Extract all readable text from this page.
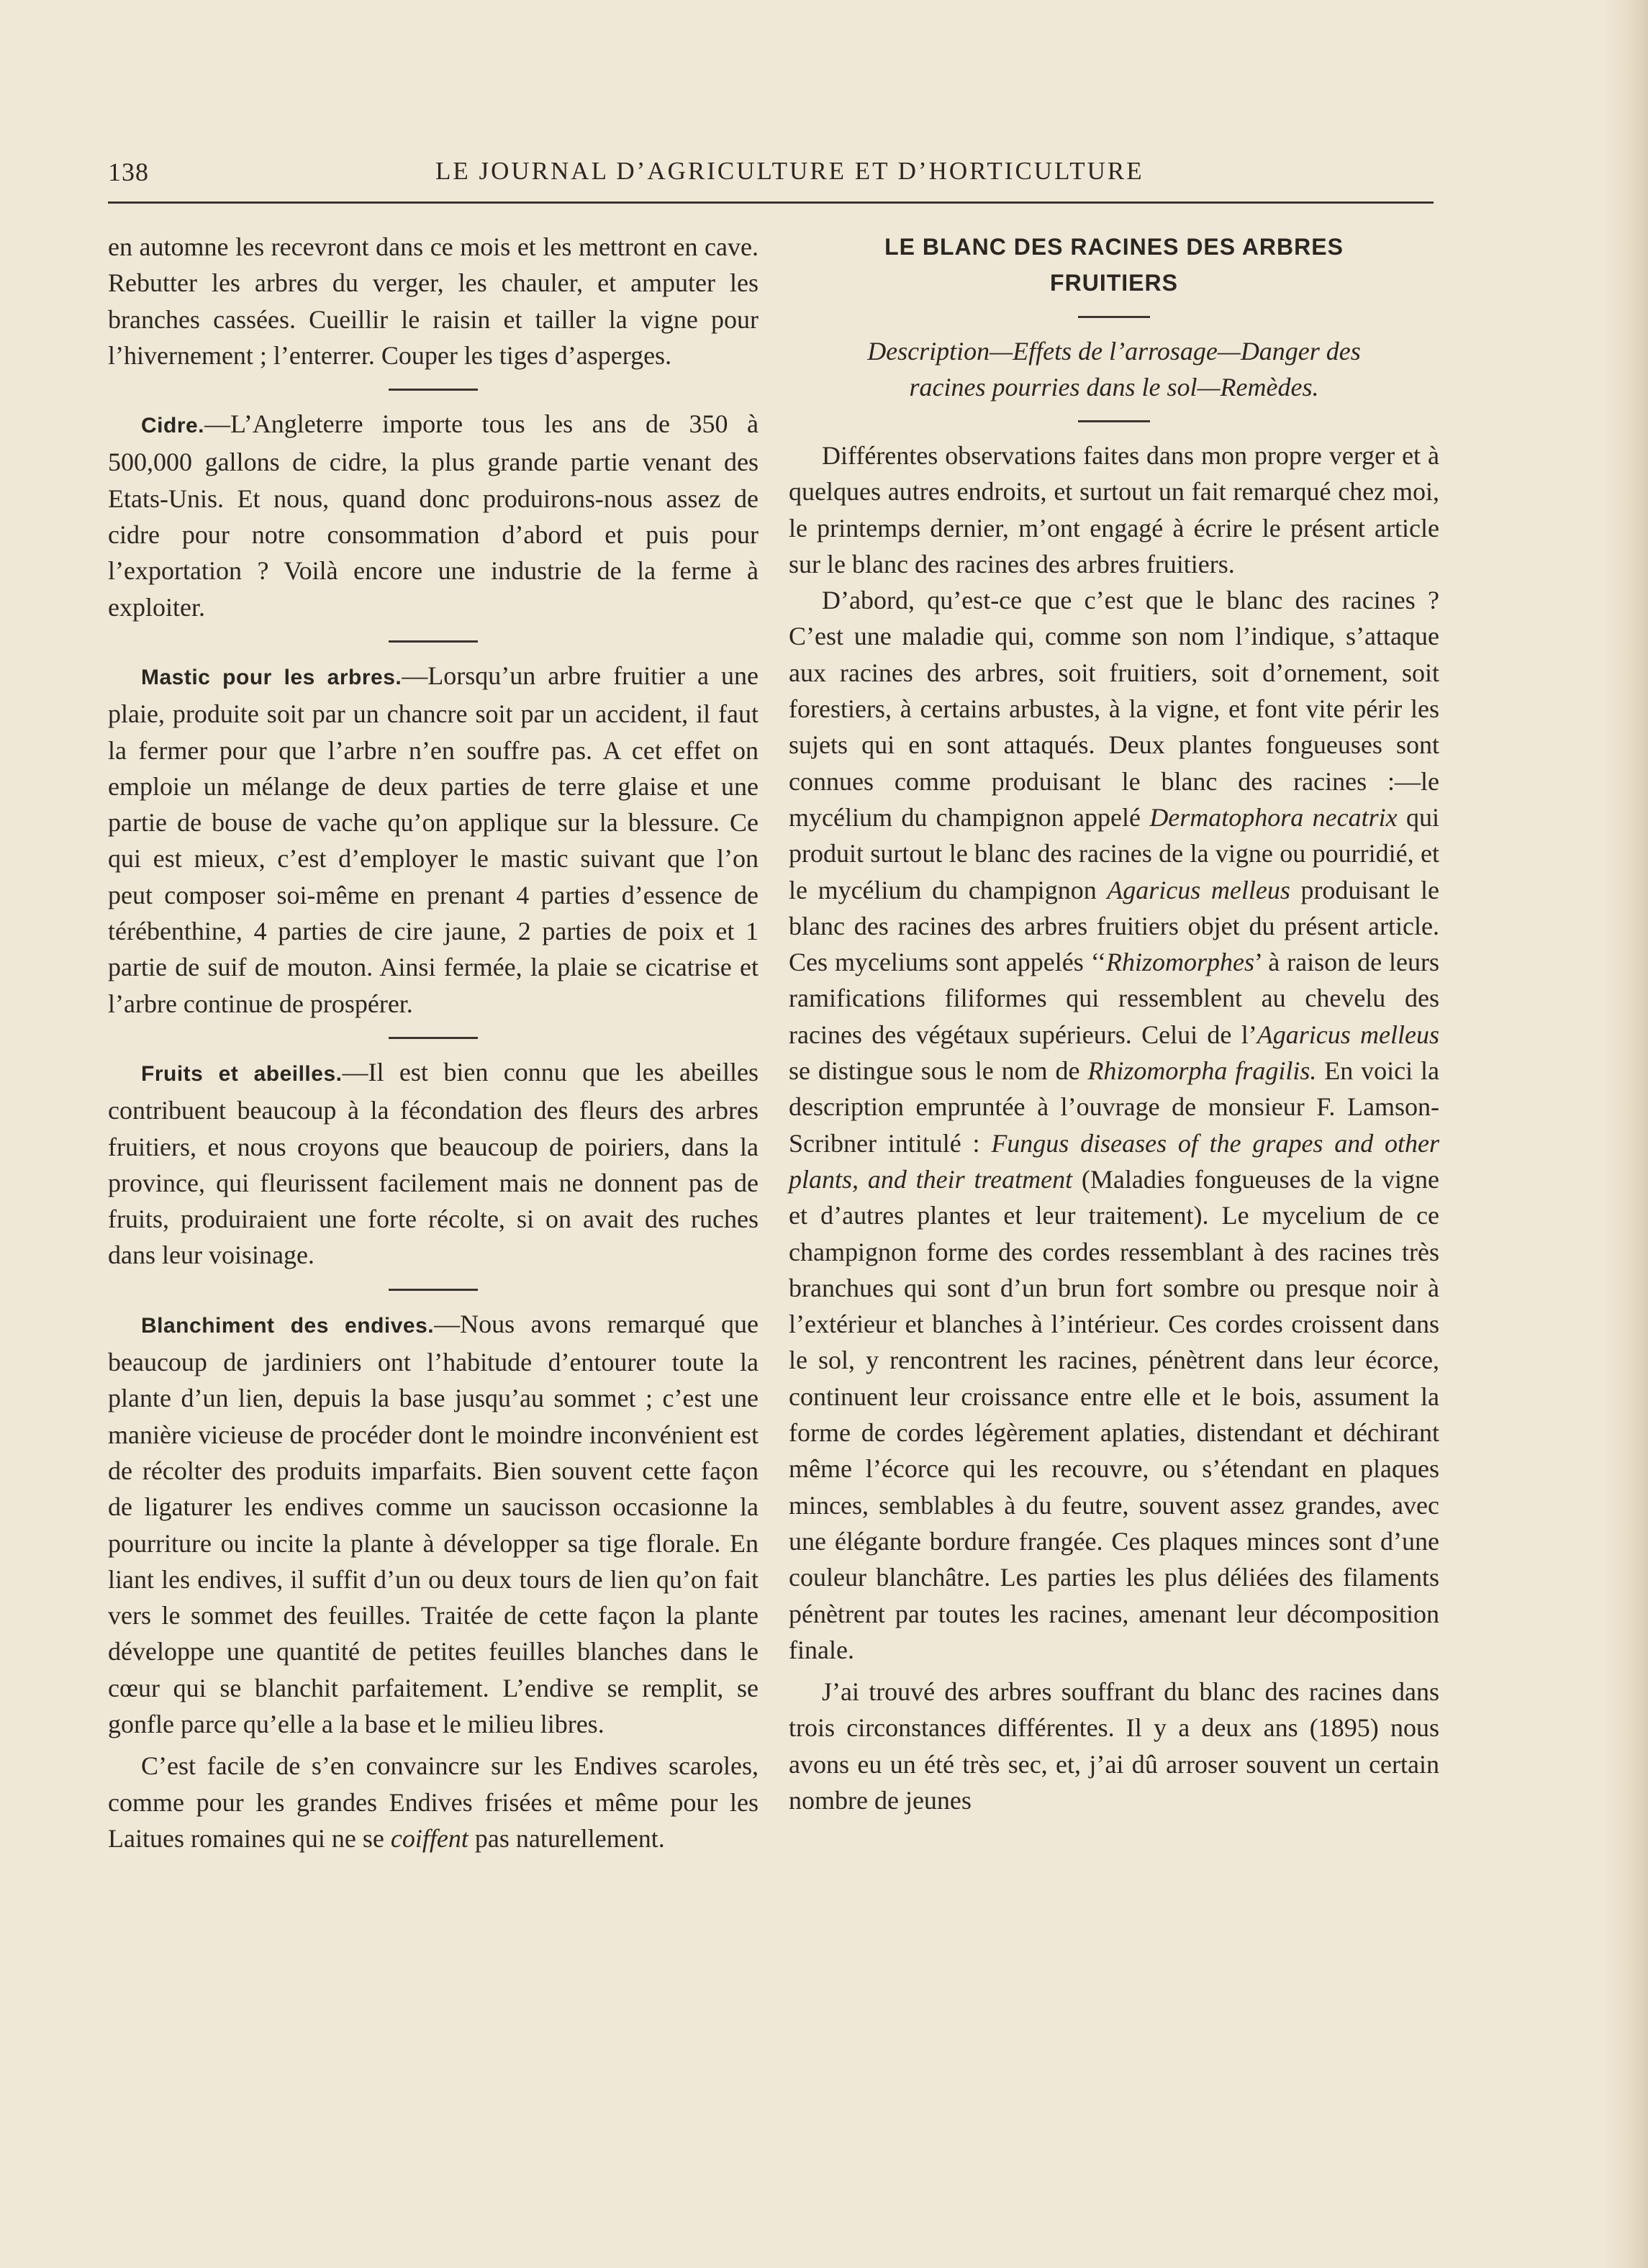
138	LE JOURNAL D’AGRICULTURE ET D’HORTICULTURE

en automne les recevront dans ce mois et les mettront en cave. Rebutter les arbres du verger, les chauler, et amputer les branches cassées. Cueillir le raisin et tailler la vigne pour l’hivernement ; l’enterrer. Couper les tiges d’asperges.

Cidre.—L’Angleterre importe tous les ans de 350 à 500,000 gallons de cidre, la plus grande partie venant des Etats-Unis. Et nous, quand donc produirons-nous assez de cidre pour notre consommation d’abord et puis pour l’exportation ? Voilà encore une industrie de la ferme à exploiter.

Mastic pour les arbres.—Lorsqu’un arbre fruitier a une plaie, produite soit par un chancre soit par un accident, il faut la fermer pour que l’arbre n’en souffre pas. A cet effet on emploie un mélange de deux parties de terre glaise et une partie de bouse de vache qu’on applique sur la blessure. Ce qui est mieux, c’est d’employer le mastic suivant que l’on peut composer soi-même en prenant 4 parties d’essence de térébenthine, 4 parties de cire jaune, 2 parties de poix et 1 partie de suif de mouton. Ainsi fermée, la plaie se cicatrise et l’arbre continue de prospérer.

Fruits et abeilles.—Il est bien connu que les abeilles contribuent beaucoup à la fécondation des fleurs des arbres fruitiers, et nous croyons que beaucoup de poiriers, dans la province, qui fleurissent facilement mais ne donnent pas de fruits, produiraient une forte récolte, si on avait des ruches dans leur voisinage.

Blanchiment des endives.—Nous avons remarqué que beaucoup de jardiniers ont l’habitude d’entourer toute la plante d’un lien, depuis la base jusqu’au sommet ; c’est une manière vicieuse de procéder dont le moindre inconvénient est de récolter des produits imparfaits. Bien souvent cette façon de ligaturer les endives comme un saucisson occasionne la pourriture ou incite la plante à développer sa tige florale. En liant les endives, il suffit d’un ou deux tours de lien qu’on fait vers le sommet des feuilles. Traitée de cette façon la plante développe une quantité de petites feuilles blanches dans le cœur qui se blanchit parfaitement. L’endive se remplit, se gonfle parce qu’elle a la base et le milieu libres.

C’est facile de s’en convaincre sur les Endives scaroles, comme pour les grandes Endives frisées et même pour les Laitues romaines qui ne se coiffent pas naturellement.

LE BLANC DES RACINES DES ARBRES
FRUITIERS
Description—Effets de l’arrosage—Danger des
racines pourries dans le sol—Remèdes.

Différentes observations faites dans mon propre verger et à quelques autres endroits, et surtout un fait remarqué chez moi, le printemps dernier, m’ont engagé à écrire le présent article sur le blanc des racines des arbres fruitiers.

D’abord, qu’est-ce que c’est que le blanc des racines ? C’est une maladie qui, comme son nom l’indique, s’attaque aux racines des arbres, soit fruitiers, soit d’ornement, soit forestiers, à certains arbustes, à la vigne, et font vite périr les sujets qui en sont attaqués. Deux plantes fongueuses sont connues comme produisant le blanc des racines :—le mycélium du champignon appelé Dermatophora necatrix qui produit surtout le blanc des racines de la vigne ou pourridié, et le mycélium du champignon Agaricus melleus produisant le blanc des racines des arbres fruitiers objet du présent article. Ces myceliums sont appelés ‘‘Rhizomorphes’ à raison de leurs ramifications filiformes qui ressemblent au chevelu des racines des végétaux supérieurs. Celui de l’Agaricus melleus se distingue sous le nom de Rhizomorpha fragilis. En voici la description empruntée à l’ouvrage de monsieur F. Lamson-Scribner intitulé : Fungus diseases of the grapes and other plants, and their treatment (Maladies fongueuses de la vigne et d’autres plantes et leur traitement). Le mycelium de ce champignon forme des cordes ressemblant à des racines très branchues qui sont d’un brun fort sombre ou presque noir à l’extérieur et blanches à l’intérieur. Ces cordes croissent dans le sol, y rencontrent les racines, pénètrent dans leur écorce, continuent leur croissance entre elle et le bois, assument la forme de cordes légèrement aplaties, distendant et déchirant même l’écorce qui les recouvre, ou s’étendant en plaques minces, semblables à du feutre, souvent assez grandes, avec une élégante bordure frangée. Ces plaques minces sont d’une couleur blanchâtre. Les parties les plus déliées des filaments pénètrent par toutes les racines, amenant leur décomposition finale.

J’ai trouvé des arbres souffrant du blanc des racines dans trois circonstances différentes. Il y a deux ans (1895) nous avons eu un été très sec, et, j’ai dû arroser souvent un certain nombre de jeunes
